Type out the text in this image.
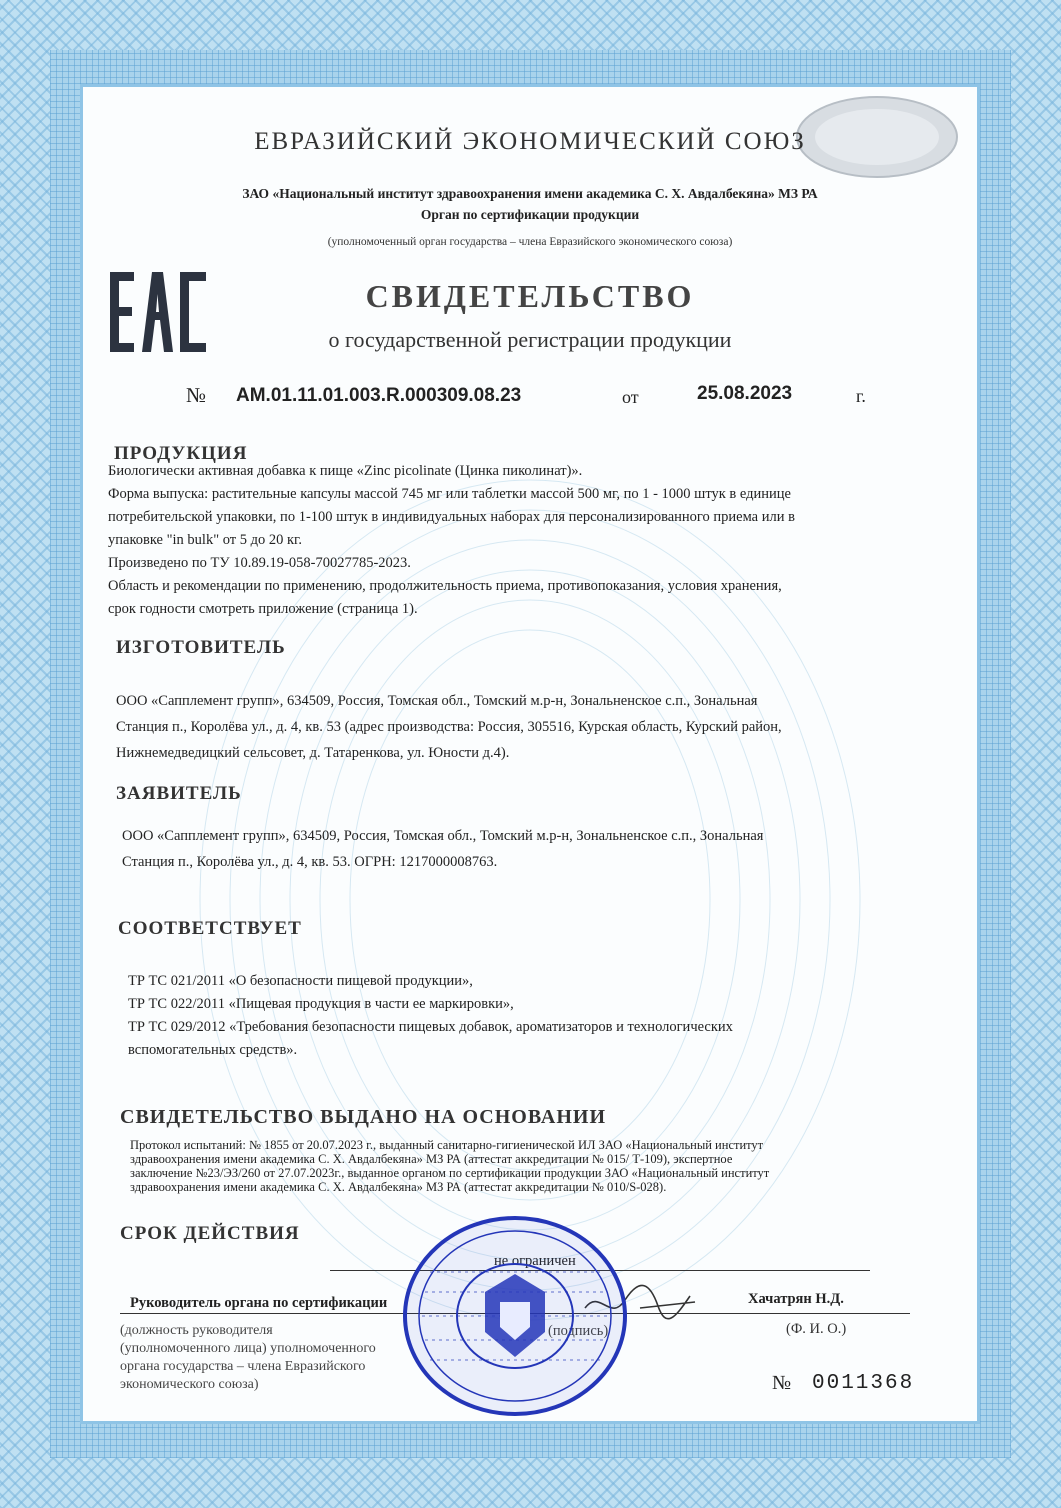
ЕВРАЗИЙСКИЙ ЭКОНОМИЧЕСКИЙ СОЮЗ
ЗАО «Национальный институт здравоохранения имени академика С. Х. Авдалбекяна» МЗ РА
Орган по сертификации продукции
(уполномоченный орган государства – члена Евразийского экономического союза)
EAC
СВИДЕТЕЛЬСТВО
о государственной регистрации продукции
№ AM.01.11.01.003.R.000309.08.23	от	25.08.2023	г.
ПРОДУКЦИЯ
Биологически активная добавка к пище «Zinc picolinate (Цинка пиколинат)».
Форма выпуска: растительные капсулы массой 745 мг или таблетки массой 500 мг, по 1 - 1000 штук в единице
потребительской упаковки, по 1-100 штук в индивидуальных наборах для персонализированного приема или в
упаковке "in bulk" от 5 до 20 кг.
Произведено по ТУ 10.89.19-058-70027785-2023.
Область и рекомендации по применению, продолжительность приема, противопоказания, условия хранения,
срок годности смотреть приложение (страница 1).
ИЗГОТОВИТЕЛЬ
ООО «Сапплемент групп», 634509, Россия, Томская обл., Томский м.р-н, Зональненское с.п., Зональная
Станция п., Королёва ул., д. 4, кв. 53 (адрес производства: Россия, 305516, Курская область, Курский район,
Нижнемедведицкий сельсовет, д. Татаренкова, ул. Юности д.4).
ЗАЯВИТЕЛЬ
ООО «Сапплемент групп», 634509, Россия, Томская обл., Томский м.р-н, Зональненское с.п., Зональная
Станция п., Королёва ул., д. 4, кв. 53. ОГРН: 1217000008763.
СООТВЕТСТВУЕТ
ТР ТС 021/2011 «О безопасности пищевой продукции»,
ТР ТС 022/2011 «Пищевая продукция в части ее маркировки»,
ТР ТС 029/2012 «Требования безопасности пищевых добавок, ароматизаторов и технологических
вспомогательных средств».
СВИДЕТЕЛЬСТВО ВЫДАНО НА ОСНОВАНИИ
Протокол испытаний: № 1855 от 20.07.2023 г., выданный санитарно-гигиенической ИЛ ЗАО «Национальный институт
здравоохранения имени академика С. Х. Авдалбекяна» МЗ РА (аттестат аккредитации № 015/ Т-109), экспертное
заключение №23/ЭЗ/260 от 27.07.2023г., выданное органом по сертификации продукции ЗАО «Национальный институт
здравоохранения имени академика С. Х. Авдалбекяна» МЗ РА (аттестат аккредитации № 010/S-028).
СРОК ДЕЙСТВИЯ
Руководитель органа по сертификации	Хачатрян Н.Д.
(Ф. И. О.)
(должность руководителя
(уполномоченного лица) уполномоченного
органа государства – члена Евразийского
экономического союза)	№ 0011368
